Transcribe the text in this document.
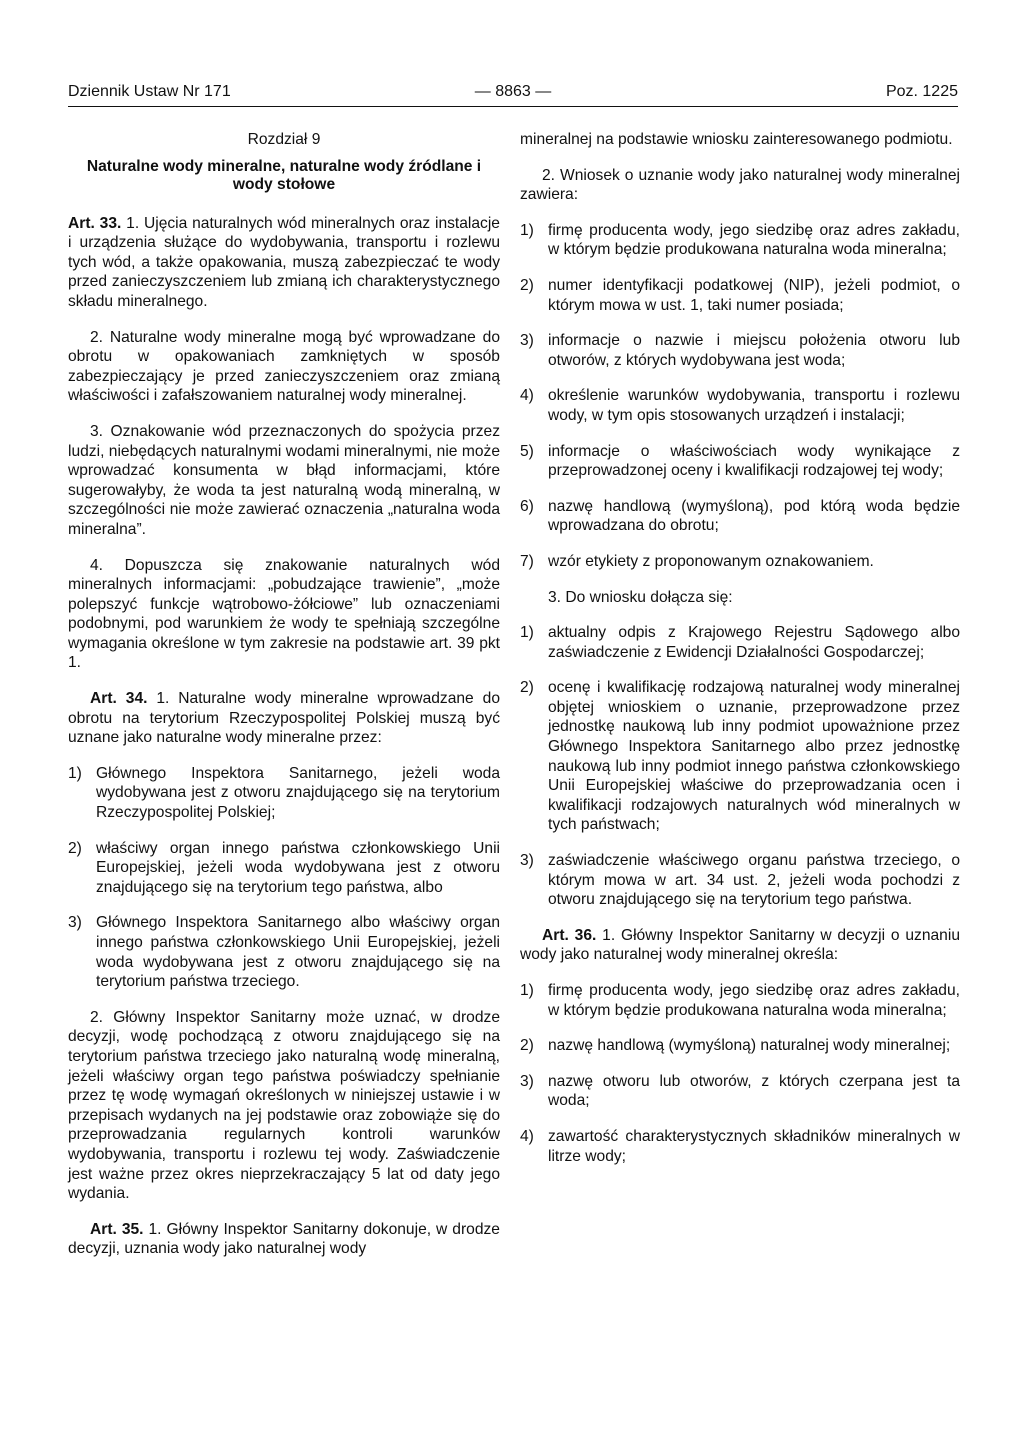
— 8863 —
Dziennik Ustaw Nr 171	Poz. 1225

Rozdział 9

Naturalne wody mineralne, naturalne wody źródlane i wody stołowe

Art. 33. 1. Ujęcia naturalnych wód mineralnych oraz instalacje i urządzenia służące do wydobywania, transportu i rozlewu tych wód, a także opakowania, muszą zabezpieczać te wody przed zanieczyszczeniem lub zmianą ich charakterystycznego składu mineralnego.

2. Naturalne wody mineralne mogą być wprowadzane do obrotu w opakowaniach zamkniętych w sposób zabezpieczający je przed zanieczyszczeniem oraz zmianą właściwości i zafałszowaniem naturalnej wody mineralnej.

3. Oznakowanie wód przeznaczonych do spożycia przez ludzi, niebędących naturalnymi wodami mineralnymi, nie może wprowadzać konsumenta w błąd informacjami, które sugerowałyby, że woda ta jest naturalną wodą mineralną, w szczególności nie może zawierać oznaczenia „naturalna woda mineralna”.

4. Dopuszcza się znakowanie naturalnych wód mineralnych informacjami: „pobudzające trawienie”, „może polepszyć funkcje wątrobowo-żółciowe” lub oznaczeniami podobnymi, pod warunkiem że wody te spełniają szczególne wymagania określone w tym zakresie na podstawie art. 39 pkt 1.

Art. 34. 1. Naturalne wody mineralne wprowadzane do obrotu na terytorium Rzeczypospolitej Polskiej muszą być uznane jako naturalne wody mineralne przez:

1) Głównego Inspektora Sanitarnego, jeżeli woda wydobywana jest z otworu znajdującego się na terytorium Rzeczypospolitej Polskiej;
2) właściwy organ innego państwa członkowskiego Unii Europejskiej, jeżeli woda wydobywana jest z otworu znajdującego się na terytorium tego państwa, albo
3) Głównego Inspektora Sanitarnego albo właściwy organ innego państwa członkowskiego Unii Europejskiej, jeżeli woda wydobywana jest z otworu znajdującego się na terytorium państwa trzeciego.

2. Główny Inspektor Sanitarny może uznać, w drodze decyzji, wodę pochodzącą z otworu znajdującego się na terytorium państwa trzeciego jako naturalną wodę mineralną, jeżeli właściwy organ tego państwa poświadczy spełnianie przez tę wodę wymagań określonych w niniejszej ustawie i w przepisach wydanych na jej podstawie oraz zobowiąże się do przeprowadzania regularnych kontroli warunków wydobywania, transportu i rozlewu tej wody. Zaświadczenie jest ważne przez okres nieprzekraczający 5 lat od daty jego wydania.

Art. 35. 1. Główny Inspektor Sanitarny dokonuje, w drodze decyzji, uznania wody jako naturalnej wody

mineralnej na podstawie wniosku zainteresowanego podmiotu.

2. Wniosek o uznanie wody jako naturalnej wody mineralnej zawiera:

1) firmę producenta wody, jego siedzibę oraz adres zakładu, w którym będzie produkowana naturalna woda mineralna;
2) numer identyfikacji podatkowej (NIP), jeżeli podmiot, o którym mowa w ust. 1, taki numer posiada;
3) informacje o nazwie i miejscu położenia otworu lub otworów, z których wydobywana jest woda;
4) określenie warunków wydobywania, transportu i rozlewu wody, w tym opis stosowanych urządzeń i instalacji;
5) informacje o właściwościach wody wynikające z przeprowadzonej oceny i kwalifikacji rodzajowej tej wody;
6) nazwę handlową (wymyśloną), pod którą woda będzie wprowadzana do obrotu;
7) wzór etykiety z proponowanym oznakowaniem.

3. Do wniosku dołącza się:

1) aktualny odpis z Krajowego Rejestru Sądowego albo zaświadczenie z Ewidencji Działalności Gospodarczej;
2) ocenę i kwalifikację rodzajową naturalnej wody mineralnej objętej wnioskiem o uznanie, przeprowadzone przez jednostkę naukową lub inny podmiot upoważnione przez Głównego Inspektora Sanitarnego albo przez jednostkę naukową lub inny podmiot innego państwa członkowskiego Unii Europejskiej właściwe do przeprowadzania ocen i kwalifikacji rodzajowych naturalnych wód mineralnych w tych państwach;
3) zaświadczenie właściwego organu państwa trzeciego, o którym mowa w art. 34 ust. 2, jeżeli woda pochodzi z otworu znajdującego się na terytorium tego państwa.

Art. 36. 1. Główny Inspektor Sanitarny w decyzji o uznaniu wody jako naturalnej wody mineralnej określa:

1) firmę producenta wody, jego siedzibę oraz adres zakładu, w którym będzie produkowana naturalna woda mineralna;
2) nazwę handlową (wymyśloną) naturalnej wody mineralnej;
3) nazwę otworu lub otworów, z których czerpana jest ta woda;
4) zawartość charakterystycznych składników mineralnych w litrze wody;
